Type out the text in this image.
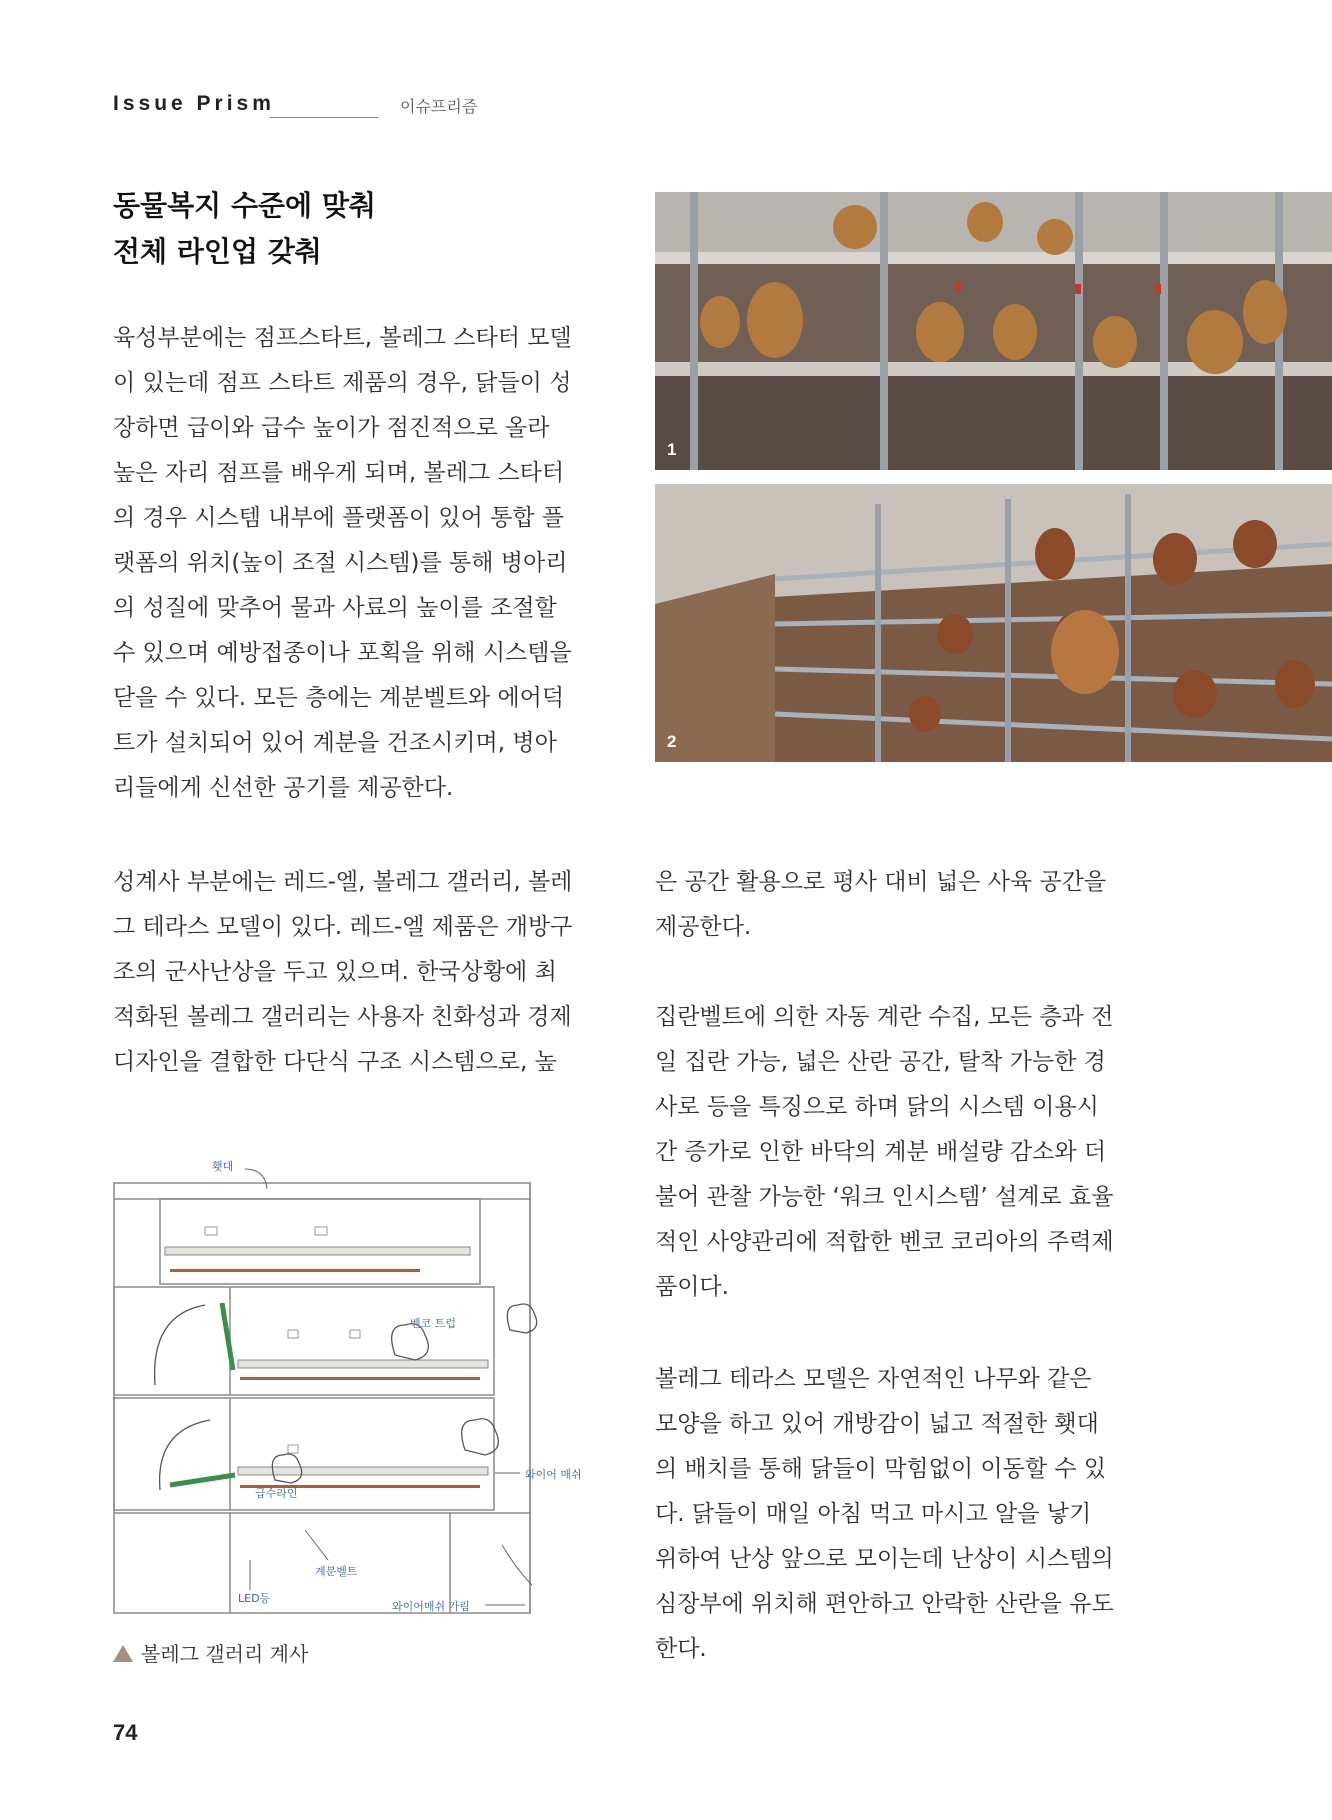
Issue Prism	이슈프리즘
동물복지 수준에 맞춰
전체 라인업 갖춰
육성부분에는 점프스타트, 볼레그 스타터 모델
이 있는데 점프 스타트 제품의 경우, 닭들이 성
장하면 급이와 급수 높이가 점진적으로 올라
높은 자리 점프를 배우게 되며, 볼레그 스타터
의 경우 시스템 내부에 플랫폼이 있어 통합 플
랫폼의 위치(높이 조절 시스템)를 통해 병아리
의 성질에 맞추어 물과 사료의 높이를 조절할
수 있으며 예방접종이나 포획을 위해 시스템을
닫을 수 있다. 모든 층에는 계분벨트와 에어덕
트가 설치되어 있어 계분을 건조시키며, 병아
리들에게 신선한 공기를 제공한다.
성계사 부분에는 레드-엘, 볼레그 갤러리, 볼레
그 테라스 모델이 있다. 레드-엘 제품은 개방구
조의 군사난상을 두고 있으며. 한국상황에 최
적화된 볼레그 갤러리는 사용자 친화성과 경제
디자인을 결합한 다단식 구조 시스템으로, 높
1
2
은 공간 활용으로 평사 대비 넓은 사육 공간을
제공한다.
집란벨트에 의한 자동 계란 수집, 모든 층과 전
일 집란 가능, 넓은 산란 공간, 탈착 가능한 경
사로 등을 특징으로 하며 닭의 시스템 이용시
간 증가로 인한 바닥의 계분 배설량 감소와 더
불어 관찰 가능한 ‘워크 인시스템’ 설계로 효율
적인 사양관리에 적합한 벤코 코리아의 주력제
품이다.
볼레그 테라스 모델은 자연적인 나무와 같은
모양을 하고 있어 개방감이 넓고 적절한 횃대
의 배치를 통해 닭들이 막힘없이 이동할 수 있
다. 닭들이 매일 아침 먹고 마시고 알을 낳기
위하여 난상 앞으로 모이는데 난상이 시스템의
심장부에 위치해 편안하고 안락한 산란을 유도
한다.
횃대
벤코 트럽
급수라인
와이어 매쉬
계분벨트
LED등
와이어매쉬 가림
볼레그 갤러리 계사
74
